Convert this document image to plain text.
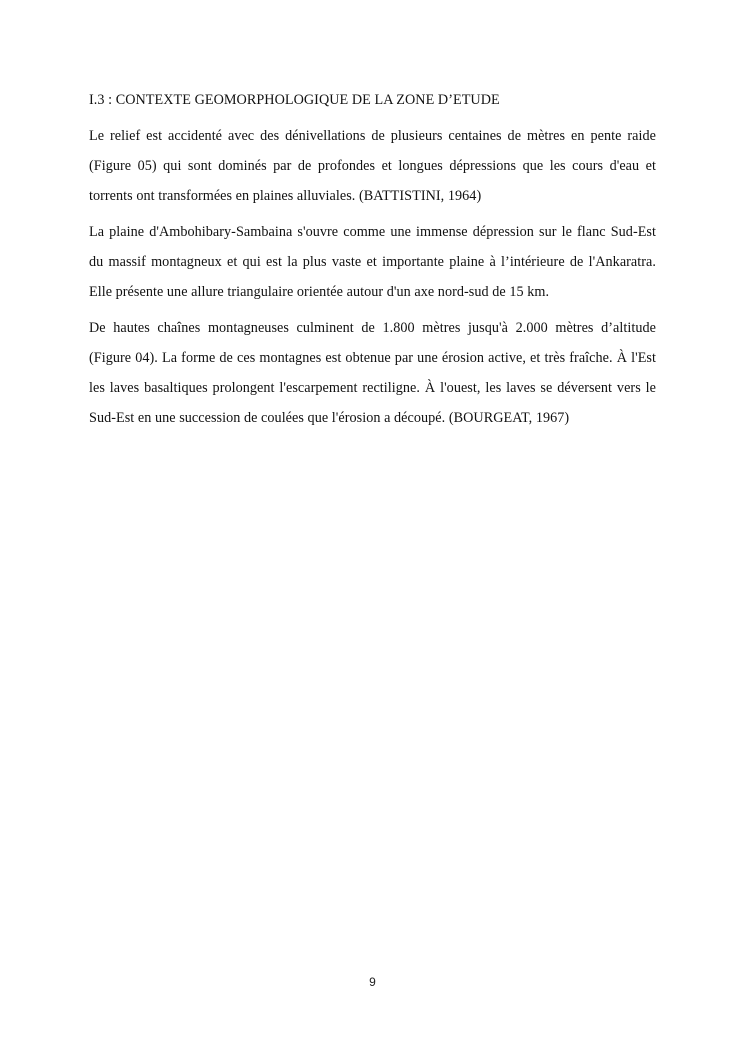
I.3 : CONTEXTE GEOMORPHOLOGIQUE DE LA ZONE D’ETUDE

Le relief est accidenté avec des dénivellations de plusieurs centaines de mètres en pente raide (Figure 05) qui sont dominés par de profondes et longues dépressions que les cours d'eau et torrents ont transformées en plaines alluviales. (BATTISTINI, 1964)

La plaine d'Ambohibary-Sambaina s'ouvre comme une immense dépression sur le flanc Sud-Est du massif montagneux et qui est la plus vaste et importante plaine à l’intérieure de l'Ankaratra. Elle présente une allure triangulaire orientée autour d'un axe nord-sud de 15 km.

De hautes chaînes montagneuses culminent de 1.800 mètres jusqu'à 2.000 mètres d’altitude (Figure 04). La forme de ces montagnes est obtenue par une érosion active, et très fraîche. À l'Est les laves basaltiques prolongent l'escarpement rectiligne. À l'ouest, les laves se déversent vers le Sud-Est en une succession de coulées que l'érosion a découpé. (BOURGEAT, 1967)

9
